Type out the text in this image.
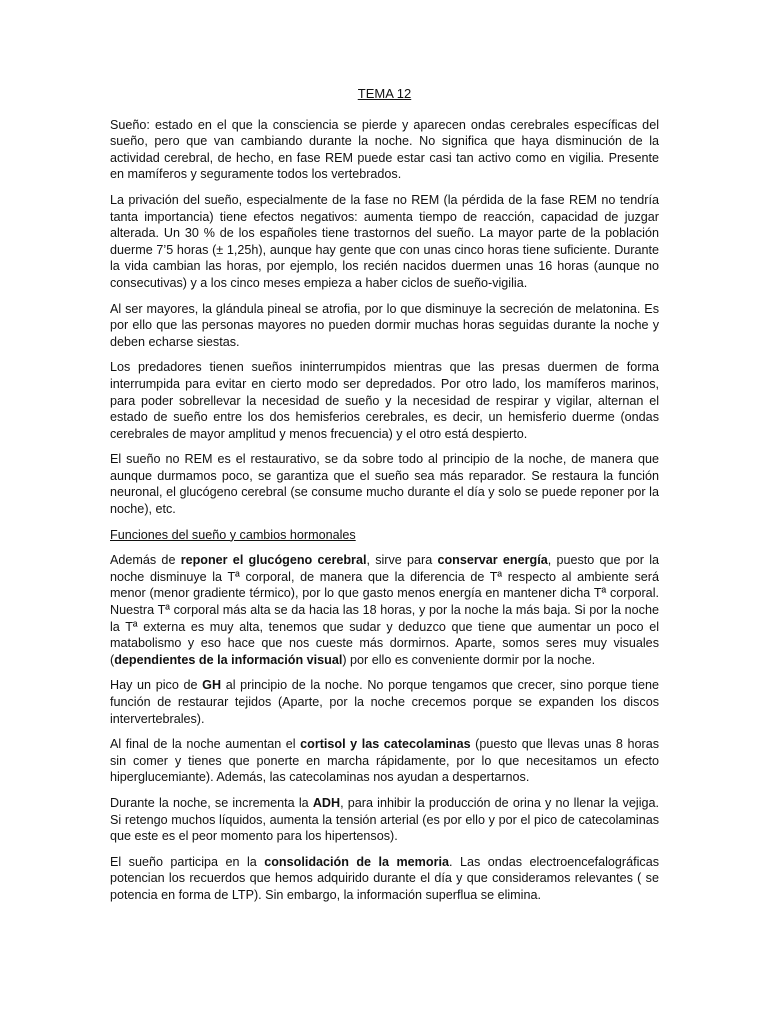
TEMA 12

Sueño: estado en el que la consciencia se pierde y aparecen ondas cerebrales específicas del sueño, pero que van cambiando durante la noche. No significa que haya disminución de la actividad cerebral, de hecho, en fase REM puede estar casi tan activo como en vigilia. Presente en mamíferos y seguramente todos los vertebrados.

La privación del sueño, especialmente de la fase no REM (la pérdida de la fase REM no tendría tanta importancia) tiene efectos negativos: aumenta tiempo de reacción, capacidad de juzgar alterada. Un 30 % de los españoles tiene trastornos del sueño. La mayor parte de la población duerme 7’5 horas (± 1,25h), aunque hay gente que con unas cinco horas tiene suficiente. Durante la vida cambian las horas, por ejemplo, los recién nacidos duermen unas 16 horas (aunque no consecutivas) y a los cinco meses empieza a haber ciclos de sueño-vigilia.

Al ser mayores, la glándula pineal se atrofia, por lo que disminuye la secreción de melatonina. Es por ello que las personas mayores no pueden dormir muchas horas seguidas durante la noche y deben echarse siestas.

Los predadores tienen sueños ininterrumpidos mientras que las presas duermen de forma interrumpida para evitar en cierto modo ser depredados. Por otro lado, los mamíferos marinos, para poder sobrellevar la necesidad de sueño y la necesidad de respirar y vigilar, alternan el estado de sueño entre los dos hemisferios cerebrales, es decir, un hemisferio duerme (ondas cerebrales de mayor amplitud y menos frecuencia) y el otro está despierto.

El sueño no REM es el restaurativo, se da sobre todo al principio de la noche, de manera que aunque durmamos poco, se garantiza que el sueño sea más reparador. Se restaura la función neuronal, el glucógeno cerebral (se consume mucho durante el día y solo se puede reponer por la noche), etc.

Funciones del sueño y cambios hormonales

Además de reponer el glucógeno cerebral, sirve para conservar energía, puesto que por la noche disminuye la Tª corporal, de manera que la diferencia de Tª respecto al ambiente será menor (menor gradiente térmico), por lo que gasto menos energía en mantener dicha Tª corporal. Nuestra Tª corporal más alta se da hacia las 18 horas, y por la noche la más baja. Si por la noche la Tª externa es muy alta, tenemos que sudar y deduzco que tiene que aumentar un poco el matabolismo y eso hace que nos cueste más dormirnos. Aparte, somos seres muy visuales (dependientes de la información visual) por ello es conveniente dormir por la noche.

Hay un pico de GH al principio de la noche. No porque tengamos que crecer, sino porque tiene función de restaurar tejidos (Aparte, por la noche crecemos porque se expanden los discos intervertebrales).

Al final de la noche aumentan el cortisol y las catecolaminas (puesto que llevas unas 8 horas sin comer y tienes que ponerte en marcha rápidamente, por lo que necesitamos un efecto hiperglucemiante). Además, las catecolaminas nos ayudan a despertarnos.

Durante la noche, se incrementa la ADH, para inhibir la producción de orina y no llenar la vejiga. Si retengo muchos líquidos, aumenta la tensión arterial (es por ello y por el pico de catecolaminas que este es el peor momento para los hipertensos).

El sueño participa en la consolidación de la memoria. Las ondas electroencefalográficas potencian los recuerdos que hemos adquirido durante el día y que consideramos relevantes ( se potencia en forma de LTP). Sin embargo, la información superflua se elimina.
